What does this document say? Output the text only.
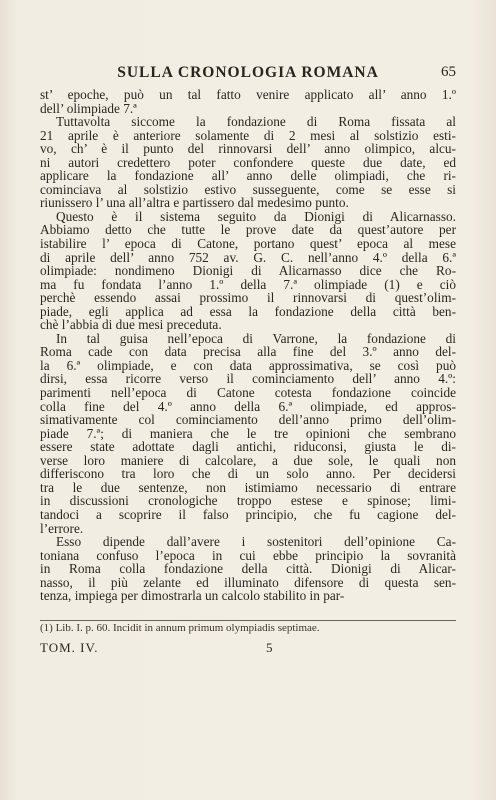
SULLA CRONOLOGIA ROMANA	65
st’ epoche, può un tal fatto venire applicato all’ anno 1.º
dell’ olimpiade 7.ª
Tuttavolta siccome la fondazione di Roma fissata al
21 aprile è anteriore solamente di 2 mesi al solstizio esti-
vo, ch’ è il punto del rinnovarsi dell’ anno olimpico, alcu-
ni autori credettero poter confondere queste due date, ed
applicare la fondazione all’ anno delle olimpiadi, che ri-
cominciava al solstizio estivo susseguente, come se esse si
riunissero l’ una all’altra e partissero dal medesimo punto.
Questo è il sistema seguito da Dionigi di Alicarnasso.
Abbiamo detto che tutte le prove date da quest’autore per
istabilire l’ epoca di Catone, portano quest’ epoca al mese
di aprile dell’ anno 752 av. G. C. nell’anno 4.º della 6.ª
olimpiade: nondimeno Dionigi di Alicarnasso dice che Ro-
ma fu fondata l’anno 1.º della 7.ª olimpiade (1) e ciò
perchè essendo assai prossimo il rinnovarsi di quest’olim-
piade, egli applica ad essa la fondazione della città ben-
chè l’abbia di due mesi preceduta.
In tal guisa nell’epoca di Varrone, la fondazione di
Roma cade con data precisa alla fine del 3.º anno del-
la 6.ª olimpiade, e con data approssimativa, se così può
dirsi, essa ricorre verso il cominciamento dell’ anno 4.º:
parimenti nell’epoca di Catone cotesta fondazione coincide
colla fine del 4.º anno della 6.ª olimpiade, ed appros-
simativamente col cominciamento dell’anno primo dell’olim-
piade 7.ª; di maniera che le tre opinioni che sembrano
essere state adottate dagli antichi, riduconsi, giusta le di-
verse loro maniere di calcolare, a due sole, le quali non
differiscono tra loro che di un solo anno. Per decidersi
tra le due sentenze, non istimiamo necessario di entrare
in discussioni cronologiche troppo estese e spinose; limi-
tandoci a scoprire il falso principio, che fu cagione del-
l’errore.
Esso dipende dall’avere i sostenitori dell’opinione Ca-
toniana confuso l’epoca in cui ebbe principio la sovranità
in Roma colla fondazione della città. Dionigi di Alicar-
nasso, il più zelante ed illuminato difensore di questa sen-
tenza, impiega per dimostrarla un calcolo stabilito in par-
(1) Lib. I. p. 60. Incidit in annum primum olympiadis septimae.
TOM. IV.	5
